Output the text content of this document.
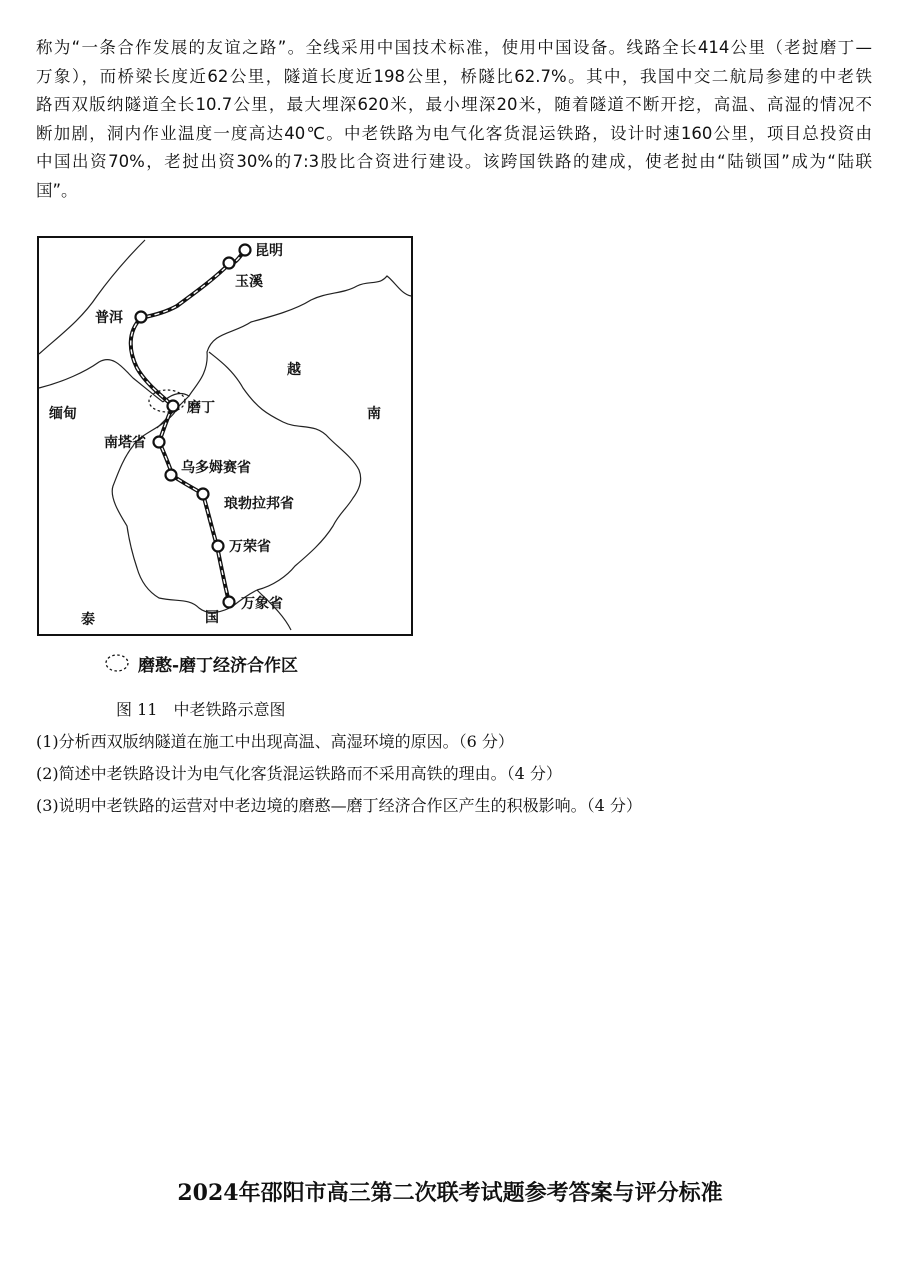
称为“一条合作发展的友谊之路”。全线采用中国技术标准，使用中国设备。线路全长414公里（老挝磨丁—
万象），而桥梁长度近62公里，隧道长度近198公里，桥隧比62.7%。其中，我国中交二航局参建的中老铁
路西双版纳隧道全长10.7公里，最大埋深620米，最小埋深20米，随着隧道不断开挖，高温、高湿的情况不
断加剧，洞内作业温度一度高达40℃。中老铁路为电气化客货混运铁路，设计时速160公里，项目总投资由
中国出资70%，老挝出资30%的7:3股比合资进行建设。该跨国铁路的建成，使老挝由“陆锁国”成为“陆联
国”。

昆明
玉溪
普洱
磨丁
南塔省
乌多姆赛省
琅勃拉邦省
万荣省
万象省
缅甸
越
南
泰	国
磨憨-磨丁经济合作区
图 11　中老铁路示意图
(1)分析西双版纳隧道在施工中出现高温、高湿环境的原因。（6 分）
(2)简述中老铁路设计为电气化客货混运铁路而不采用高铁的理由。（4 分）
(3)说明中老铁路的运营对中老边境的磨憨—磨丁经济合作区产生的积极影响。（4 分）
2024年邵阳市高三第二次联考试题参考答案与评分标准
